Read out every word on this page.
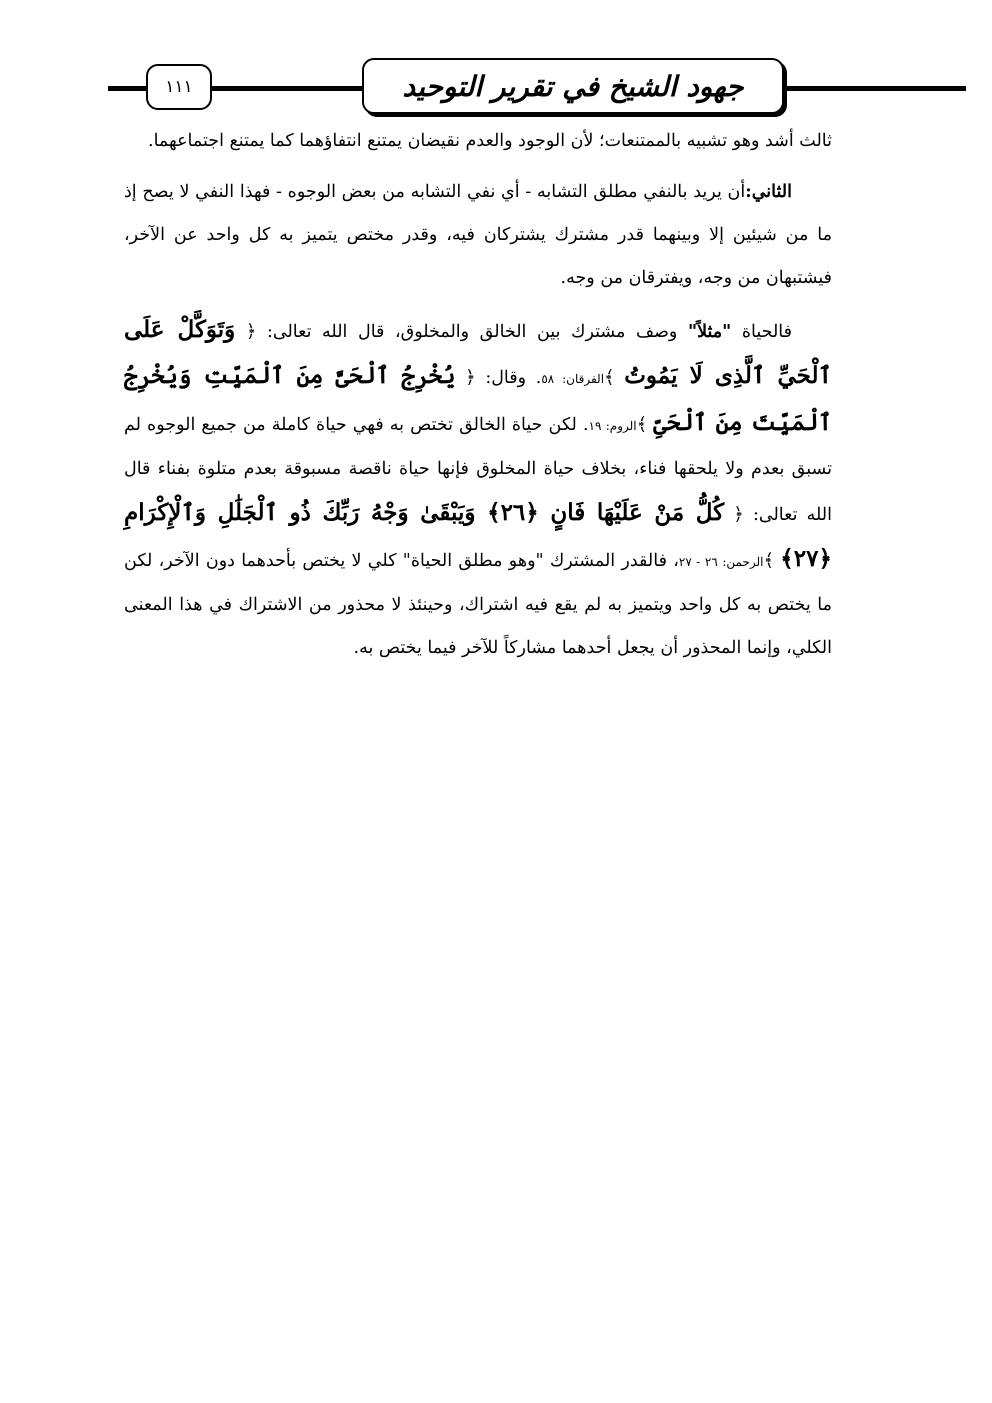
١١١	جهود الشيخ في تقرير التوحيد

ثالث أشد وهو تشبيه بالممتنعات؛ لأن الوجود والعدم نقيضان يمتنع انتفاؤهما كما يمتنع اجتماعهما.

الثاني:أن يريد بالنفي مطلق التشابه - أي نفي التشابه من بعض الوجوه - فهذا النفي لا يصح إذ ما من شيئين إلا وبينهما قدر مشترك يشتركان فيه، وقدر مختص يتميز به كل واحد عن الآخر، فيشتبهان من وجه، ويفترقان من وجه.

فالحياة "مثلاً" وصف مشترك بين الخالق والمخلوق، قال الله تعالى: ﴿ وَتَوَكَّلْ عَلَى ٱلْحَيِّ ٱلَّذِى لَا يَمُوتُ ﴾الفرقان: ٥٨. وقال: ﴿ يُخْرِجُ ٱلْحَىَّ مِنَ ٱلْمَيِّتِ وَيُخْرِجُ ٱلْمَيِّتَ مِنَ ٱلْحَىِّ ﴾الروم: ١٩. لكن حياة الخالق تختص به فهي حياة كاملة من جميع الوجوه لم تسبق بعدم ولا يلحقها فناء، بخلاف حياة المخلوق فإنها حياة ناقصة مسبوقة بعدم متلوة بفناء قال الله تعالى: ﴿ كُلُّ مَنْ عَلَيْهَا فَانٍ ﴿٢٦﴾ وَيَبْقَىٰ وَجْهُ رَبِّكَ ذُو ٱلْجَلَٰلِ وَٱلْإِكْرَامِ ﴿٢٧﴾ ﴾الرحمن: ٢٦ - ٢٧، فالقدر المشترك "وهو مطلق الحياة" كلي لا يختص بأحدهما دون الآخر، لكن ما يختص به كل واحد ويتميز به لم يقع فيه اشتراك، وحينئذ لا محذور من الاشتراك في هذا المعنى الكلي، وإنما المحذور أن يجعل أحدهما مشاركاً للآخر فيما يختص به.
